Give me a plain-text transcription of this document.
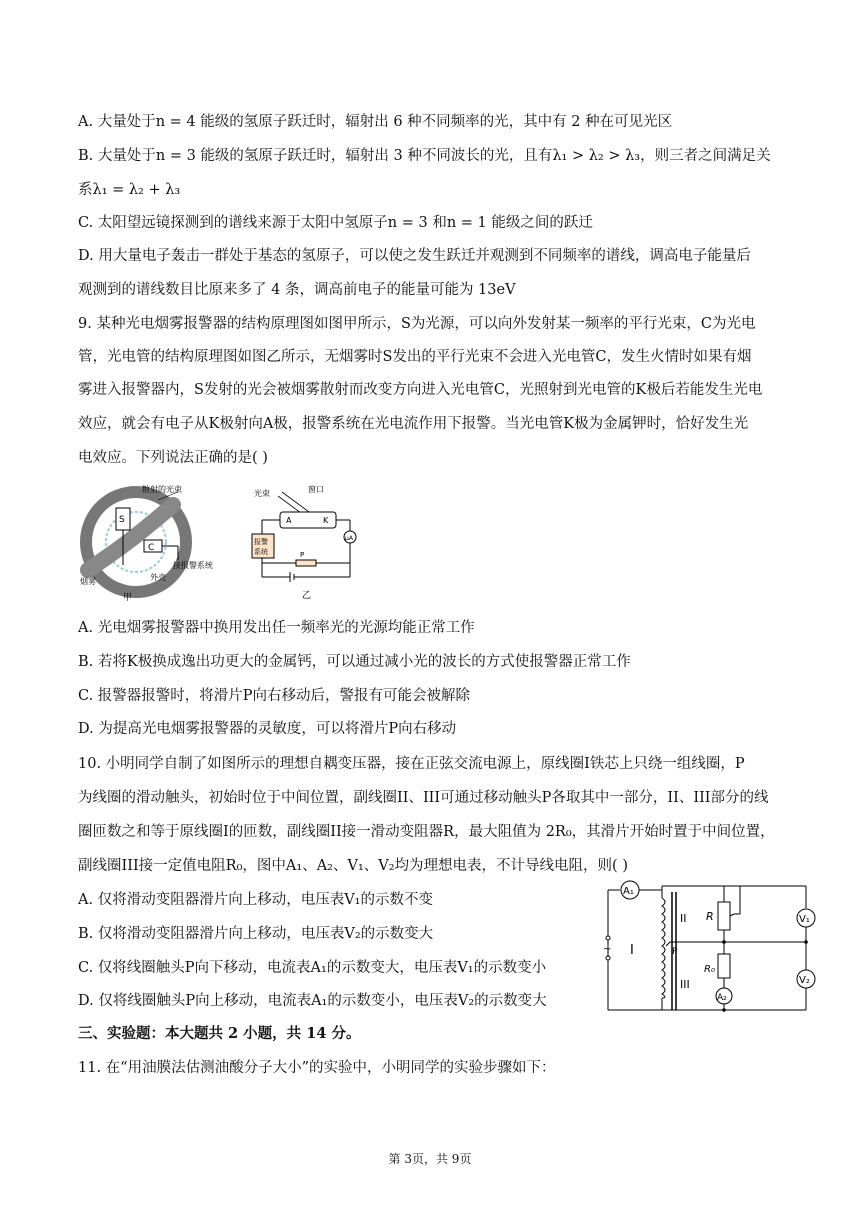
A. 大量处于n = 4 能级的氢原子跃迁时，辐射出 6 种不同频率的光，其中有 2 种在可见光区
B. 大量处于n = 3 能级的氢原子跃迁时，辐射出 3 种不同波长的光，且有λ₁ > λ₂ > λ₃，则三者之间满足关
系λ₁ = λ₂ + λ₃
C. 太阳望远镜探测到的谱线来源于太阳中氢原子n = 3 和n = 1 能级之间的跃迁
D. 用大量电子轰击一群处于基态的氢原子，可以使之发生跃迁并观测到不同频率的谱线，调高电子能量后
观测到的谱线数目比原来多了 4 条，调高前电子的能量可能为 13eV
9. 某种光电烟雾报警器的结构原理图如图甲所示，S为光源，可以向外发射某一频率的平行光束，C为光电
管，光电管的结构原理图如图乙所示，无烟雾时S发出的平行光束不会进入光电管C，发生火情时如果有烟
雾进入报警器内，S发射的光会被烟雾散射而改变方向进入光电管C，光照射到光电管的K极后若能发生光电
效应，就会有电子从K极射向A极，报警系统在光电流作用下报警。当光电管K极为金属钾时，恰好发生光
电效应。下列说法正确的是( )
S
C
散射的光束
接报警系统
烟雾	外壳
甲
光束	窗口
A	K
μA
报警
系统	P
乙
A. 光电烟雾报警器中换用发出任一频率光的光源均能正常工作
B. 若将K极换成逸出功更大的金属钙，可以通过减小光的波长的方式使报警器正常工作
C. 报警器报警时，将滑片P向右移动后，警报有可能会被解除
D. 为提高光电烟雾报警器的灵敏度，可以将滑片P向右移动
10. 小明同学自制了如图所示的理想自耦变压器，接在正弦交流电源上，原线圈I铁芯上只绕一组线圈，P
为线圈的滑动触头，初始时位于中间位置，副线圈II、III可通过移动触头P各取其中一部分，II、III部分的线
圈匝数之和等于原线圈I的匝数，副线圈II接一滑动变阻器R，最大阻值为 2R₀，其滑片开始时置于中间位置，
副线圈III接一定值电阻R₀，图中A₁、A₂、V₁、V₂均为理想电表，不计导线电阻，则( )
A. 仅将滑动变阻器滑片向上移动，电压表V₁的示数不变
B. 仅将滑动变阻器滑片向上移动，电压表V₂的示数变大
C. 仅将线圈触头P向下移动，电流表A₁的示数变大，电压表V₁的示数变小
D. 仅将线圈触头P向上移动，电流表A₁的示数变小，电压表V₂的示数变大
A₁
~ I
II
III
R	V₁
P
R₀
A₂
V₂
三、实验题：本大题共 2 小题，共 14 分。
11. 在“用油膜法估测油酸分子大小”的实验中，小明同学的实验步骤如下：
第 3页，共 9页
